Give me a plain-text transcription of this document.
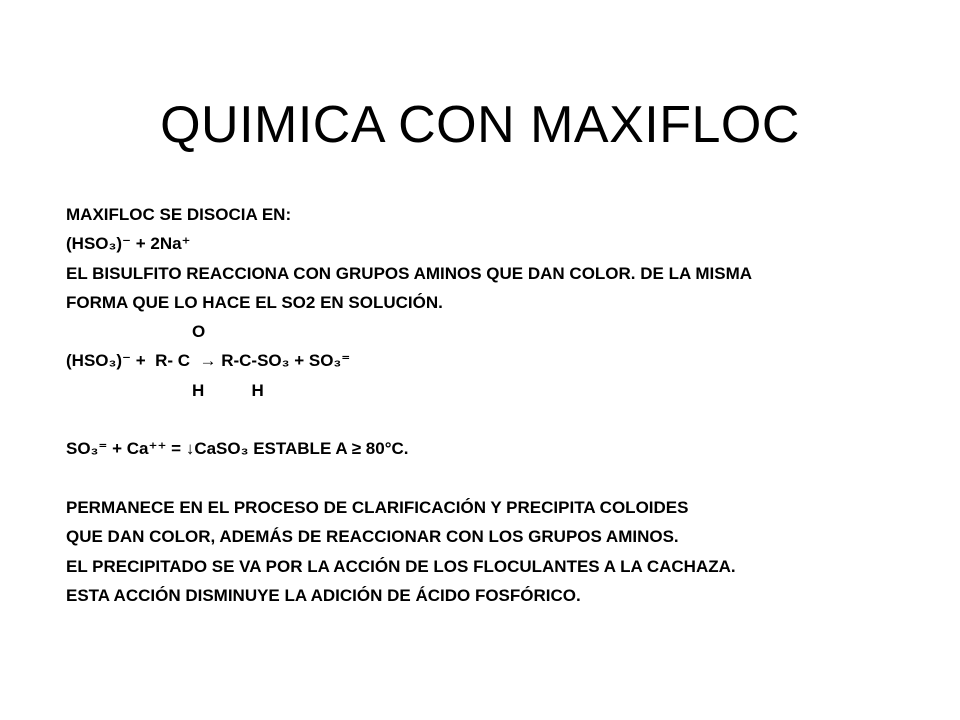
QUIMICA CON MAXIFLOC
MAXIFLOC SE DISOCIA EN:
(HSO₃)⁻ + 2Na⁺
EL BISULFITO REACCIONA CON GRUPOS AMINOS QUE DAN COLOR. DE LA MISMA
FORMA QUE LO HACE EL SO2 EN SOLUCIÓN.
O
(HSO₃)⁻ +  R- C  → R-C-SO₃ + SO₃⁼
H          H
SO₃⁼ + Ca⁺⁺ = ↓CaSO₃ ESTABLE A ≥ 80°C.
PERMANECE EN EL PROCESO DE CLARIFICACIÓN Y PRECIPITA COLOIDES
QUE DAN COLOR, ADEMÁS DE REACCIONAR CON LOS GRUPOS AMINOS.
EL PRECIPITADO SE VA POR LA ACCIÓN DE LOS FLOCULANTES A LA CACHAZA.
ESTA ACCIÓN DISMINUYE LA ADICIÓN DE ÁCIDO FOSFÓRICO.
